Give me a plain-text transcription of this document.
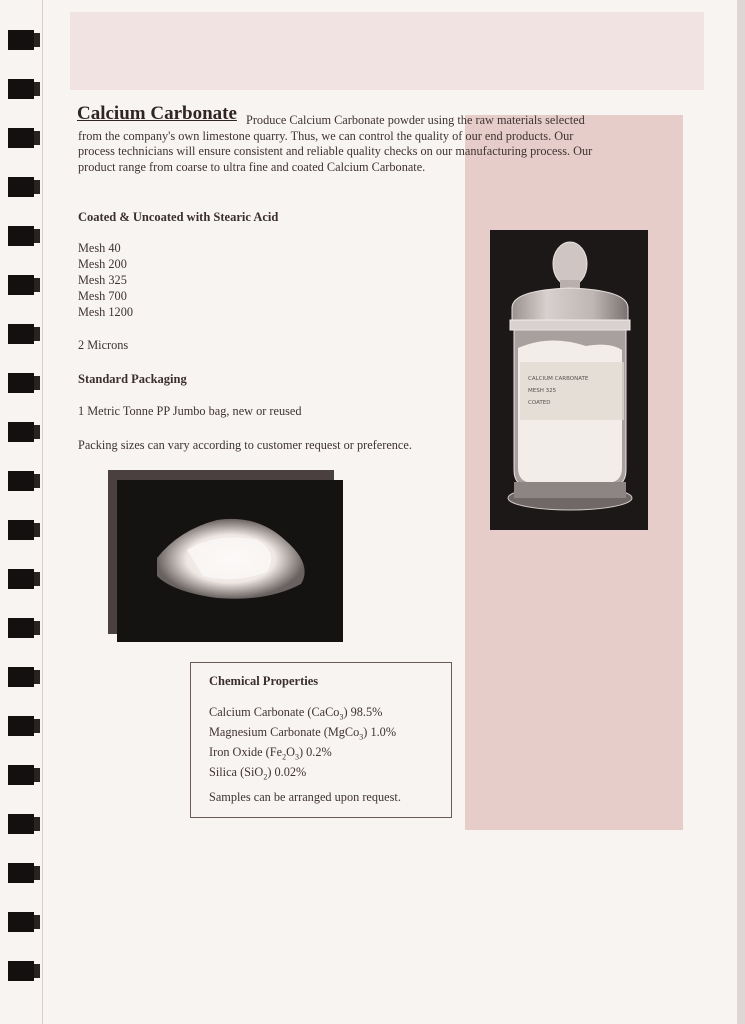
Calcium Carbonate Produce Calcium Carbonate powder using the raw materials selected from the company's own limestone quarry. Thus, we can control the quality of our end products. Our process technicians will ensure consistent and reliable quality checks on our manufacturing process. Our product range from coarse to ultra fine and coated Calcium Carbonate.
Coated & Uncoated with Stearic Acid
Mesh 40
Mesh 200
Mesh 325
Mesh 700
Mesh 1200
2 Microns
Standard Packaging
1 Metric Tonne PP Jumbo bag, new or reused
Packing sizes can vary according to customer request or preference.
CALCIUM CARBONATE
MESH 325
COATED
Chemical Properties
Calcium Carbonate (CaCo$_3$) 98.5%
Magnesium Carbonate (MgCo$_3$) 1.0%
Iron Oxide $(Fe_2O_3)$ 0.2%
Silica (SiO$_2$) 0.02%
Samples can be arranged upon request.
